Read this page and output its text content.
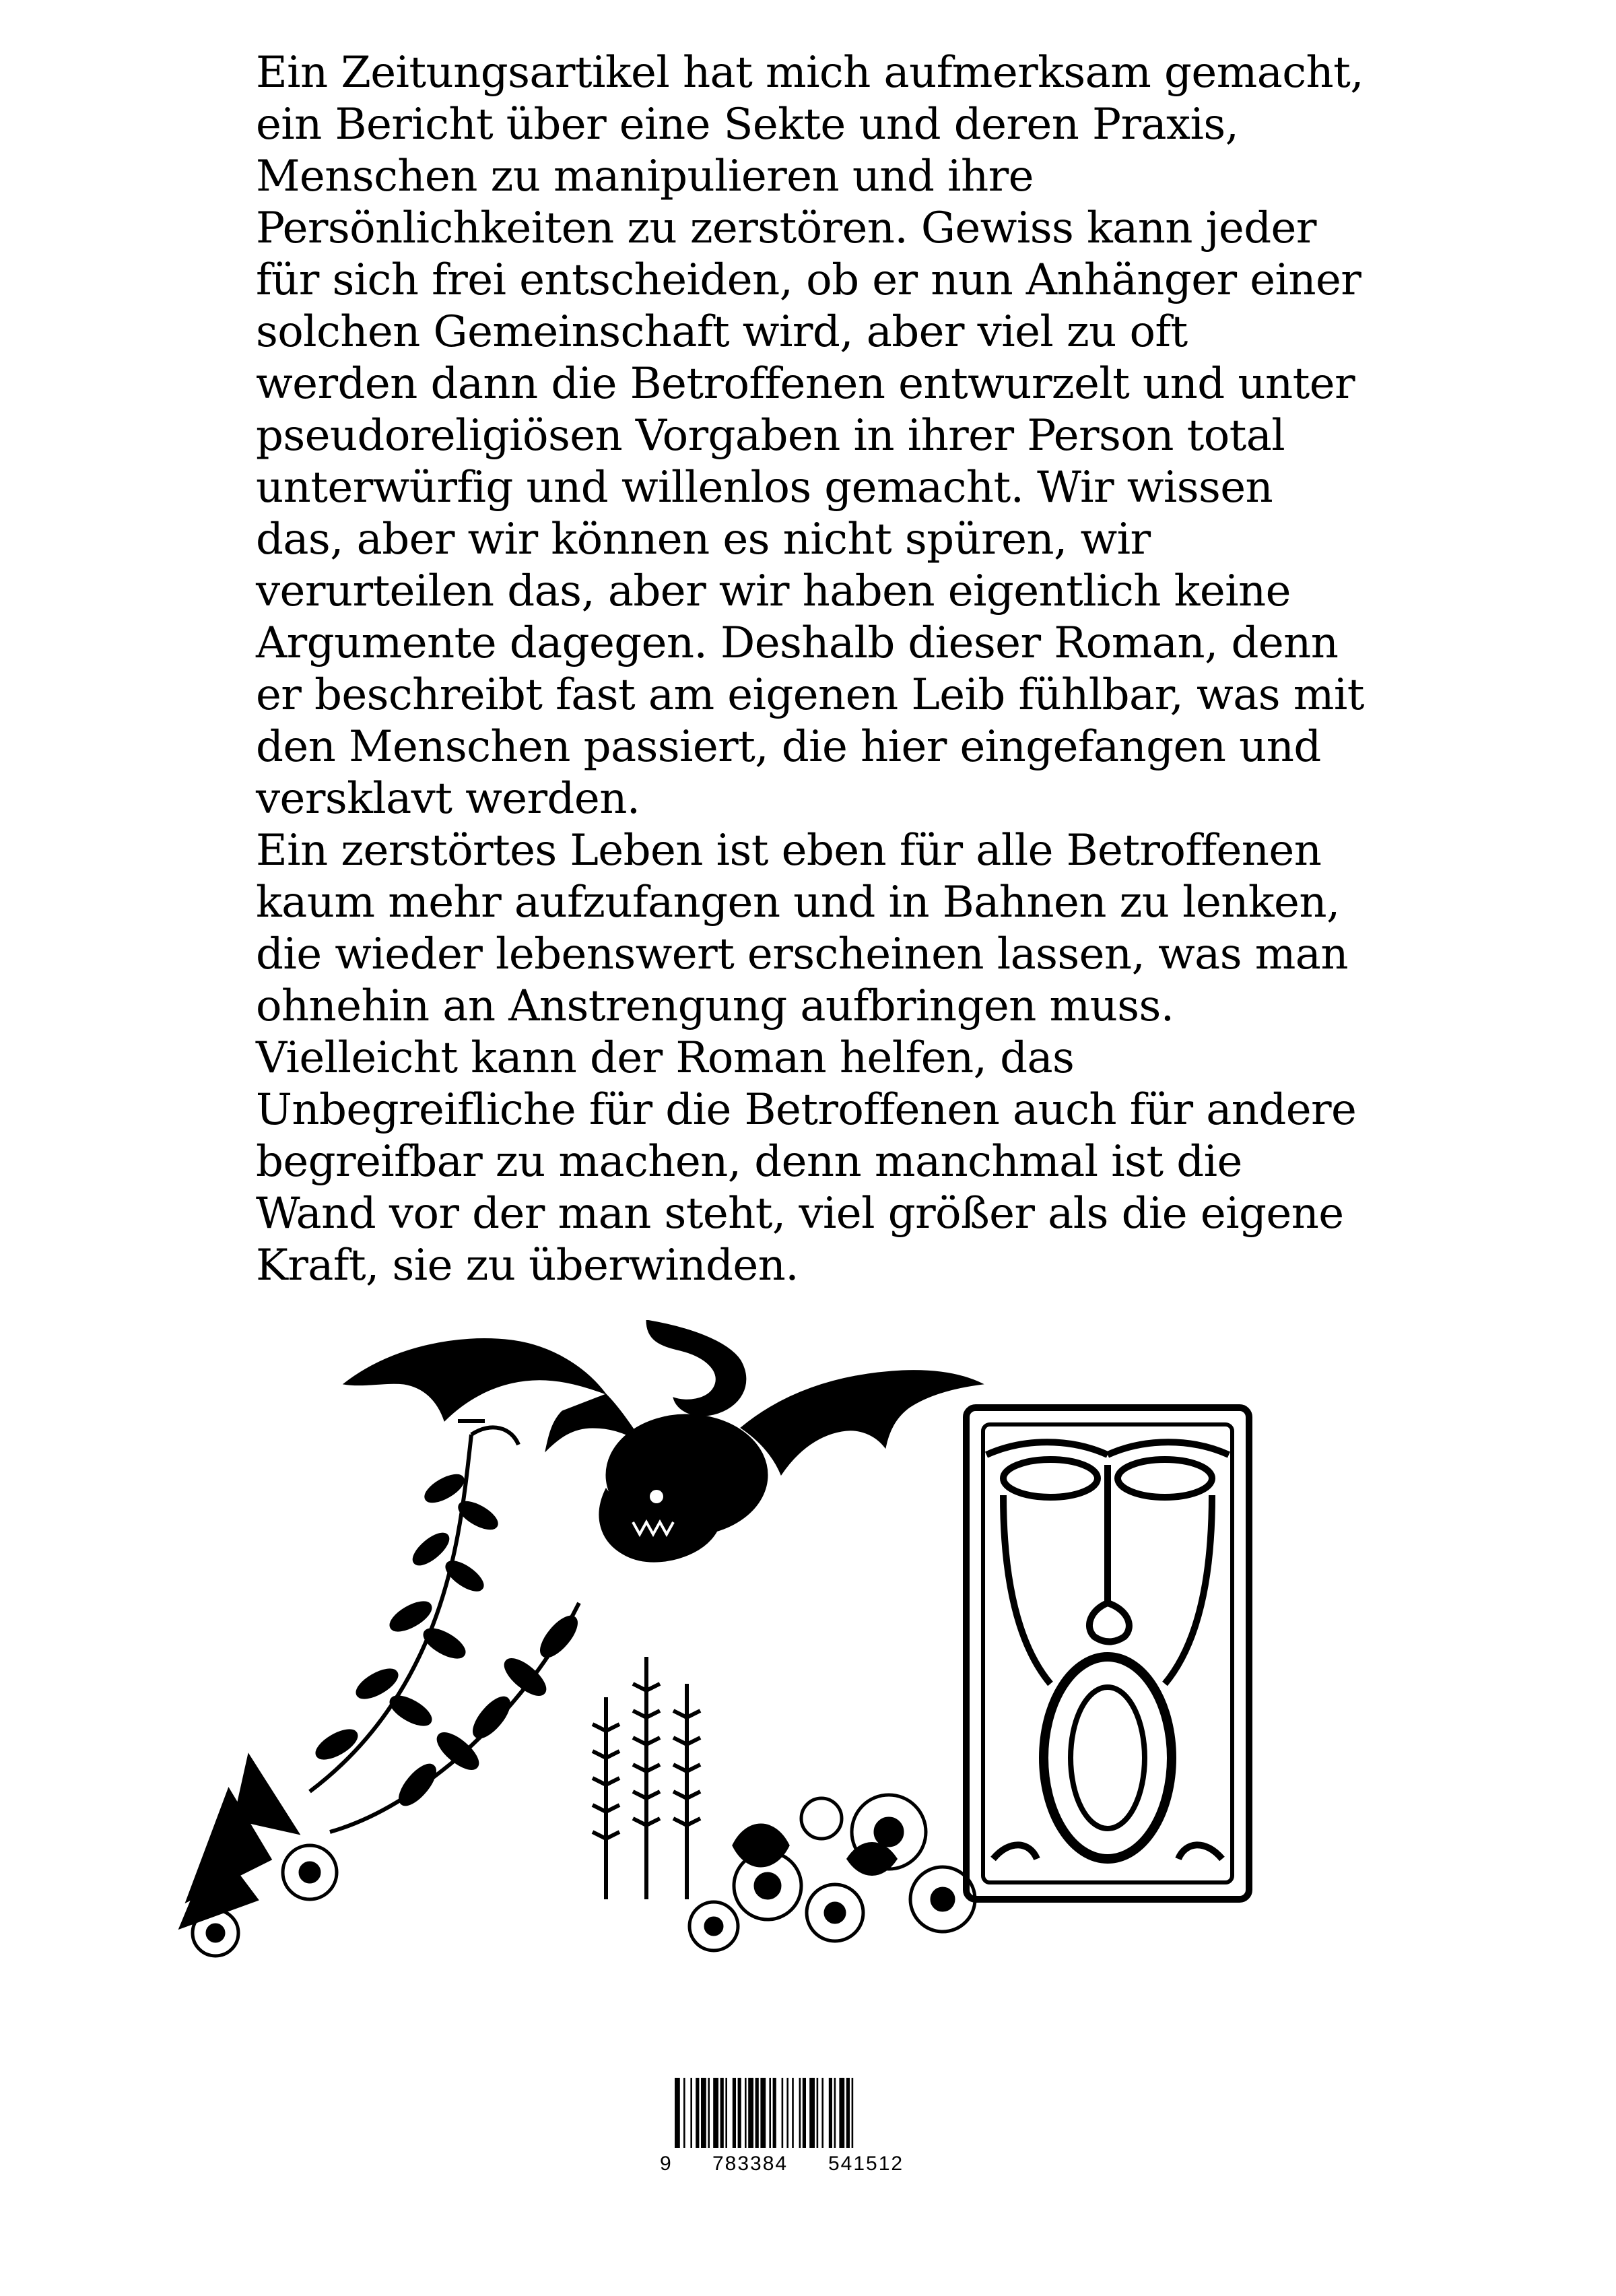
Ein Zeitungsartikel hat mich aufmerksam gemacht,
ein Bericht über eine Sekte und deren Praxis,
Menschen zu manipulieren und ihre
Persönlichkeiten zu zerstören. Gewiss kann jeder
für sich frei entscheiden, ob er nun Anhänger einer
solchen Gemeinschaft wird, aber viel zu oft
werden dann die Betroffenen entwurzelt und unter
pseudoreligiösen Vorgaben in ihrer Person total
unterwürfig und willenlos gemacht. Wir wissen
das, aber wir können es nicht spüren, wir
verurteilen das, aber wir haben eigentlich keine
Argumente dagegen. Deshalb dieser Roman, denn
er beschreibt fast am eigenen Leib fühlbar, was mit
den Menschen passiert, die hier eingefangen und
versklavt werden.
Ein zerstörtes Leben ist eben für alle Betroffenen
kaum mehr aufzufangen und in Bahnen zu lenken,
die wieder lebenswert erscheinen lassen, was man
ohnehin an Anstrengung aufbringen muss.
Vielleicht kann der Roman helfen, das
Unbegreifliche für die Betroffenen auch für andere
begreifbar zu machen, denn manchmal ist die
Wand vor der man steht, viel größer als die eigene
Kraft, sie zu überwinden.
9 783384 541512
